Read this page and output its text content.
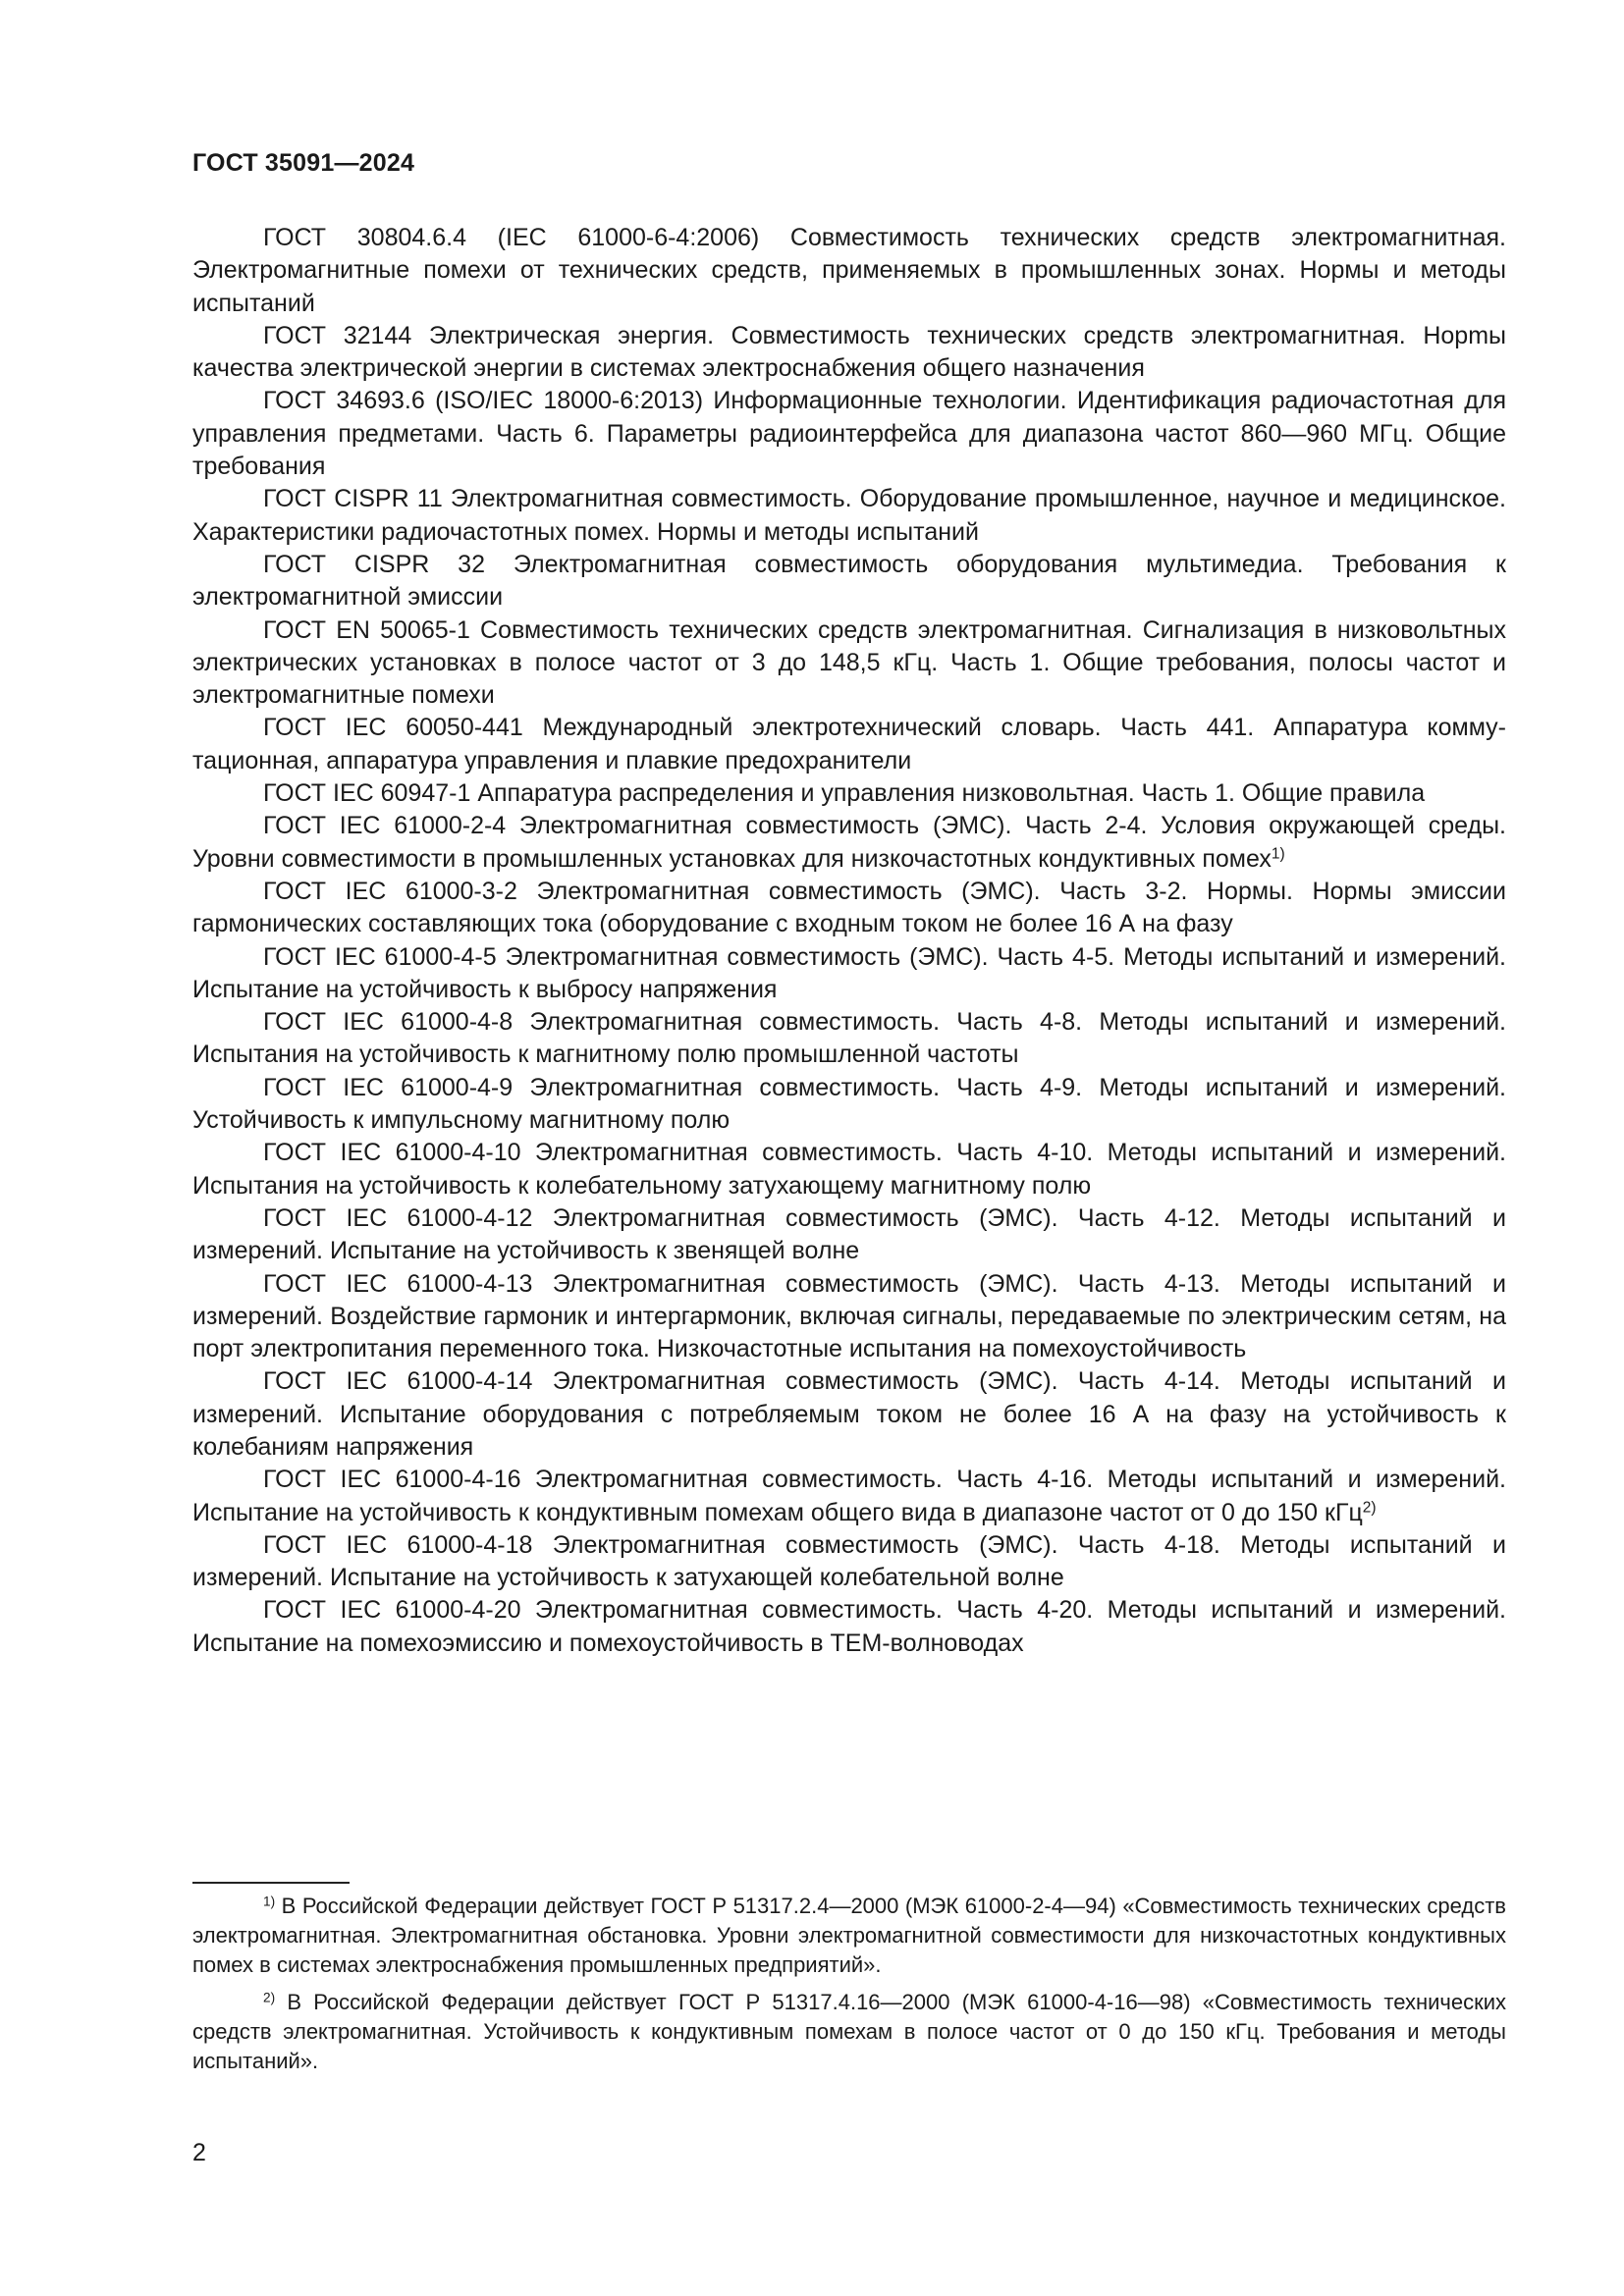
ГОСТ 35091—2024

ГОСТ 30804.6.4 (IEC 61000-6-4:2006) Совместимость технических средств электромагнитная. Электромагнитные помехи от технических средств, применяемых в промышленных зонах. Нормы и методы испытаний

ГОСТ 32144 Электрическая энергия. Совместимость технических средств электромагнитная. Норmы качества электрической энергии в системах электроснабжения общего назначения

ГОСТ 34693.6 (ISO/IEC 18000-6:2013) Информационные технологии. Идентификация радиочастотная для управления предметами. Часть 6. Параметры радиоинтерфейса для диапазона частот 860—960 МГц. Общие требования

ГОСТ CISPR 11 Электромагнитная совместимость. Оборудование промышленное, научное и медицинское. Характеристики радиочастотных помех. Нормы и методы испытаний

ГОСТ CISPR 32 Электромагнитная совместимость оборудования мультимедиа. Требования к электромагнитной эмиссии

ГОСТ EN 50065-1 Совместимость технических средств электромагнитная. Сигнализация в низковольтных электрических установках в полосе частот от 3 до 148,5 кГц. Часть 1. Общие требования, полосы частот и электромагнитные помехи

ГОСТ IEC 60050-441 Международный электротехнический словарь. Часть 441. Аппаратура коммутационная, аппаратура управления и плавкие предохранители

ГОСТ IEC 60947-1 Аппаратура распределения и управления низковольтная. Часть 1. Общие правила

ГОСТ IEC 61000-2-4 Электромагнитная совместимость (ЭМС). Часть 2-4. Условия окружающей среды. Уровни совместимости в промышленных установках для низкочастотных кондуктивных помех$^{1)}$

ГОСТ IEC 61000-3-2 Электромагнитная совместимость (ЭМС). Часть 3-2. Нормы. Нормы эмиссии гармонических составляющих тока (оборудование с входным током не более 16 А на фазу

ГОСТ IEC 61000-4-5 Электромагнитная совместимость (ЭМС). Часть 4-5. Методы испытаний и измерений. Испытание на устойчивость к выбросу напряжения

ГОСТ IEC 61000-4-8 Электромагнитная совместимость. Часть 4-8. Методы испытаний и измерений. Испытания на устойчивость к магнитному полю промышленной частоты

ГОСТ IEC 61000-4-9 Электромагнитная совместимость. Часть 4-9. Методы испытаний и измерений. Устойчивость к импульсному магнитному полю

ГОСТ IEC 61000-4-10 Электромагнитная совместимость. Часть 4-10. Методы испытаний и измерений. Испытания на устойчивость к колебательному затухающему магнитному полю

ГОСТ IEC 61000-4-12 Электромагнитная совместимость (ЭМС). Часть 4-12. Методы испытаний и измерений. Испытание на устойчивость к звенящей волне

ГОСТ IEC 61000-4-13 Электромагнитная совместимость (ЭМС). Часть 4-13. Методы испытаний и измерений. Воздействие гармоник и интергармоник, включая сигналы, передаваемые по электрическим сетям, на порт электропитания переменного тока. Низкочастотные испытания на помехоустойчивость

ГОСТ IEC 61000-4-14 Электромагнитная совместимость (ЭМС). Часть 4-14. Методы испытаний и измерений. Испытание оборудования с потребляемым током не более 16 А на фазу на устойчивость к колебаниям напряжения

ГОСТ IEC 61000-4-16 Электромагнитная совместимость. Часть 4-16. Методы испытаний и измерений. Испытание на устойчивость к кондуктивным помехам общего вида в диапазоне частот от 0 до 150 кГц$^{2)}$

ГОСТ IEC 61000-4-18 Электромагнитная совместимость (ЭМС). Часть 4-18. Методы испытаний и измерений. Испытание на устойчивость к затухающей колебательной волне

ГОСТ IEC 61000-4-20 Электромагнитная совместимость. Часть 4-20. Методы испытаний и измерений. Испытание на помехоэмиссию и помехоустойчивость в ТЕМ-волноводах

$^{1)}$ В Российской Федерации действует ГОСТ Р 51317.2.4—2000 (МЭК 61000-2-4—94) «Совместимость технических средств электромагнитная. Электромагнитная обстановка. Уровни электромагнитной совместимости для низкочастотных кондуктивных помех в системах электроснабжения промышленных предприятий».

$^{2)}$ В Российской Федерации действует ГОСТ Р 51317.4.16—2000 (МЭК 61000-4-16—98) «Совместимость технических средств электромагнитная. Устойчивость к кондуктивным помехам в полосе частот от 0 до 150 кГц. Требования и методы испытаний».

2
